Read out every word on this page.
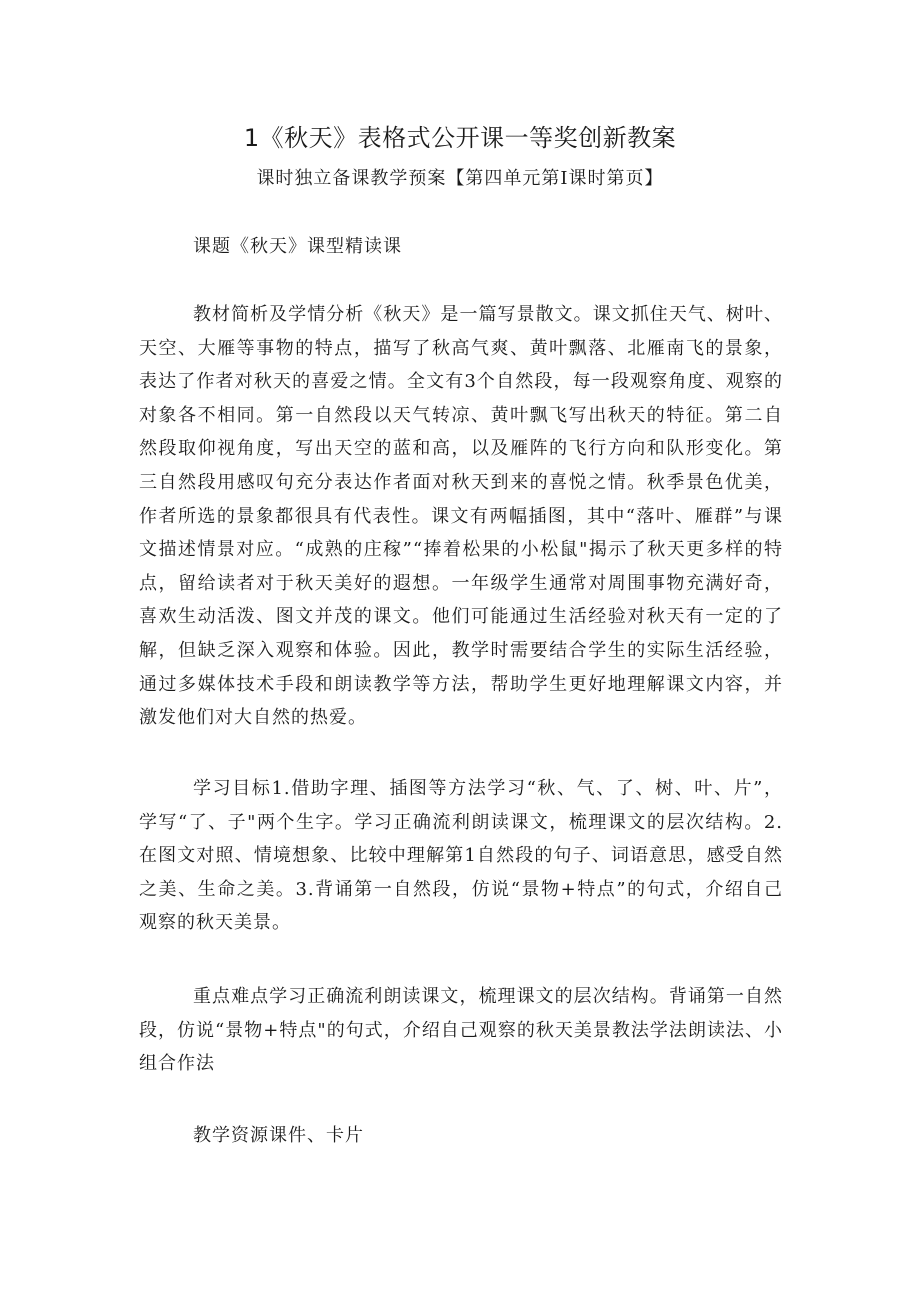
1《秋天》表格式公开课一等奖创新教案
课时独立备课教学预案【第四单元第I课时第页】

课题《秋天》课型精读课

教材简析及学情分析《秋天》是一篇写景散文。课文抓住天气、树叶、天空、大雁等事物的特点，描写了秋高气爽、黄叶飘落、北雁南飞的景象，表达了作者对秋天的喜爱之情。全文有3个自然段，每一段观察角度、观察的对象各不相同。第一自然段以天气转凉、黄叶飘飞写出秋天的特征。第二自然段取仰视角度，写出天空的蓝和高，以及雁阵的飞行方向和队形变化。第三自然段用感叹句充分表达作者面对秋天到来的喜悦之情。秋季景色优美，作者所选的景象都很具有代表性。课文有两幅插图，其中“落叶、雁群”与课文描述情景对应。“成熟的庄稼”“捧着松果的小松鼠"揭示了秋天更多样的特点，留给读者对于秋天美好的遐想。一年级学生通常对周围事物充满好奇，喜欢生动活泼、图文并茂的课文。他们可能通过生活经验对秋天有一定的了解，但缺乏深入观察和体验。因此，教学时需要结合学生的实际生活经验，通过多媒体技术手段和朗读教学等方法，帮助学生更好地理解课文内容，并激发他们对大自然的热爱。

学习目标1.借助字理、插图等方法学习“秋、气、了、树、叶、片”，学写“了、子"两个生字。学习正确流利朗读课文，梳理课文的层次结构。2.在图文对照、情境想象、比较中理解第1自然段的句子、词语意思，感受自然之美、生命之美。3.背诵第一自然段，仿说“景物+特点”的句式，介绍自己观察的秋天美景。

重点难点学习正确流利朗读课文，梳理课文的层次结构。背诵第一自然段，仿说“景物+特点"的句式，介绍自己观察的秋天美景教法学法朗读法、小组合作法

教学资源课件、卡片
